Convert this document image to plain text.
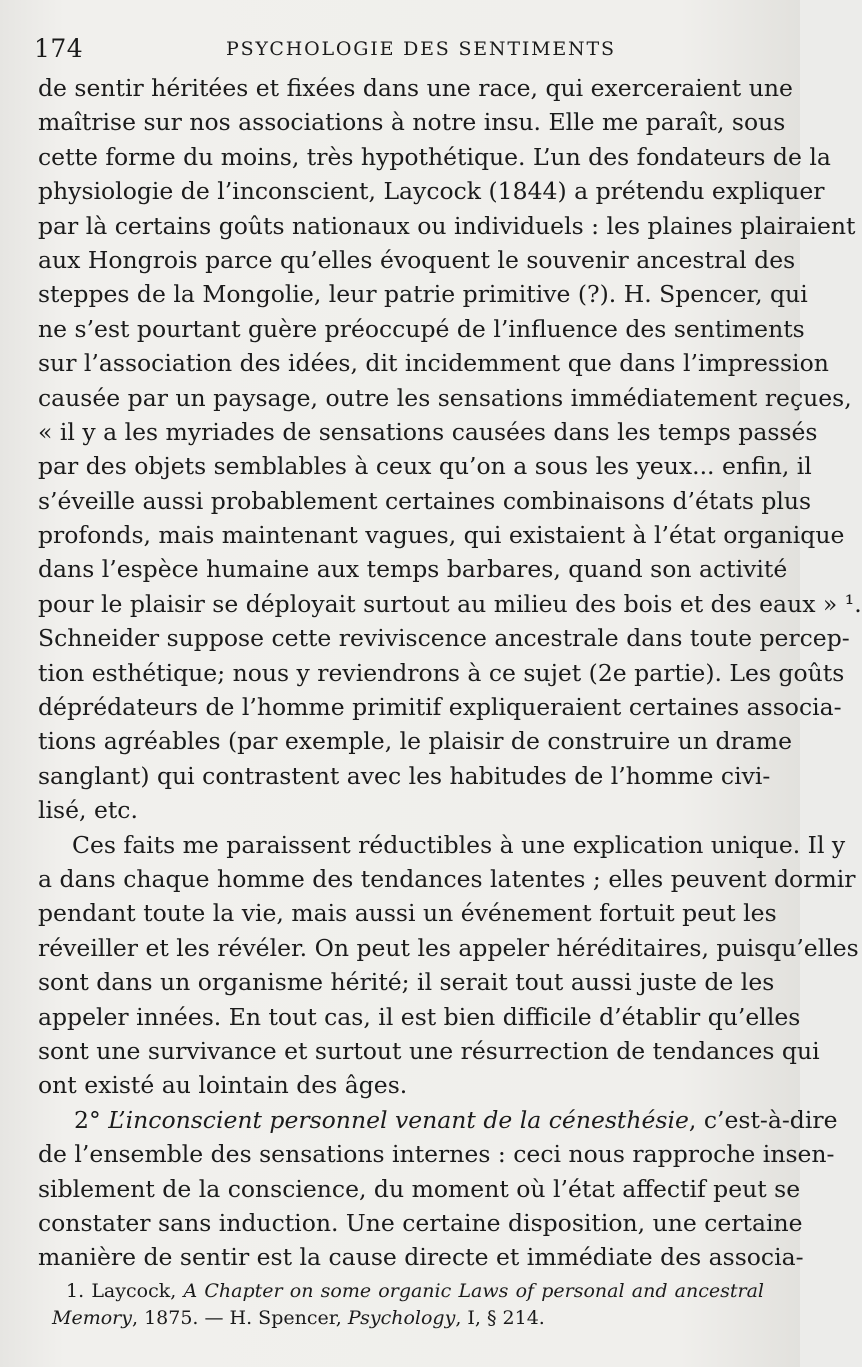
174	PSYCHOLOGIE DES SENTIMENTS
de sentir héritées et fixées dans une race, qui exerceraient une
maîtrise sur nos associations à notre insu. Elle me paraît, sous
cette forme du moins, très hypothétique. L’un des fondateurs de la
physiologie de l’inconscient, Laycock (1844) a prétendu expliquer
par là certains goûts nationaux ou individuels : les plaines plairaient
aux Hongrois parce qu’elles évoquent le souvenir ancestral des
steppes de la Mongolie, leur patrie primitive (?). H. Spencer, qui
ne s’est pourtant guère préoccupé de l’influence des sentiments
sur l’association des idées, dit incidemment que dans l’impression
causée par un paysage, outre les sensations immédiatement reçues,
« il y a les myriades de sensations causées dans les temps passés
par des objets semblables à ceux qu’on a sous les yeux... enfin, il
s’éveille aussi probablement certaines combinaisons d’états plus
profonds, mais maintenant vagues, qui existaient à l’état organique
dans l’espèce humaine aux temps barbares, quand son activité
pour le plaisir se déployait surtout au milieu des bois et des eaux » ¹.
Schneider suppose cette reviviscence ancestrale dans toute percep-
tion esthétique; nous y reviendrons à ce sujet (2e partie). Les goûts
déprédateurs de l’homme primitif expliqueraient certaines associa-
tions agréables (par exemple, le plaisir de construire un drame
sanglant) qui contrastent avec les habitudes de l’homme civi-
lisé, etc.
Ces faits me paraissent réductibles à une explication unique. Il y
a dans chaque homme des tendances latentes ; elles peuvent dormir
pendant toute la vie, mais aussi un événement fortuit peut les
réveiller et les révéler. On peut les appeler héréditaires, puisqu’elles
sont dans un organisme hérité; il serait tout aussi juste de les
appeler innées. En tout cas, il est bien difficile d’établir qu’elles
sont une survivance et surtout une résurrection de tendances qui
ont existé au lointain des âges.
2° L’inconscient personnel venant de la cénesthésie, c’est-à-dire
de l’ensemble des sensations internes : ceci nous rapproche insen-
siblement de la conscience, du moment où l’état affectif peut se
constater sans induction. Une certaine disposition, une certaine
manière de sentir est la cause directe et immédiate des associa-
1. Laycock, A Chapter on some organic Laws of personal and ancestral
Memory, 1875. — H. Spencer, Psychology, I, § 214.
